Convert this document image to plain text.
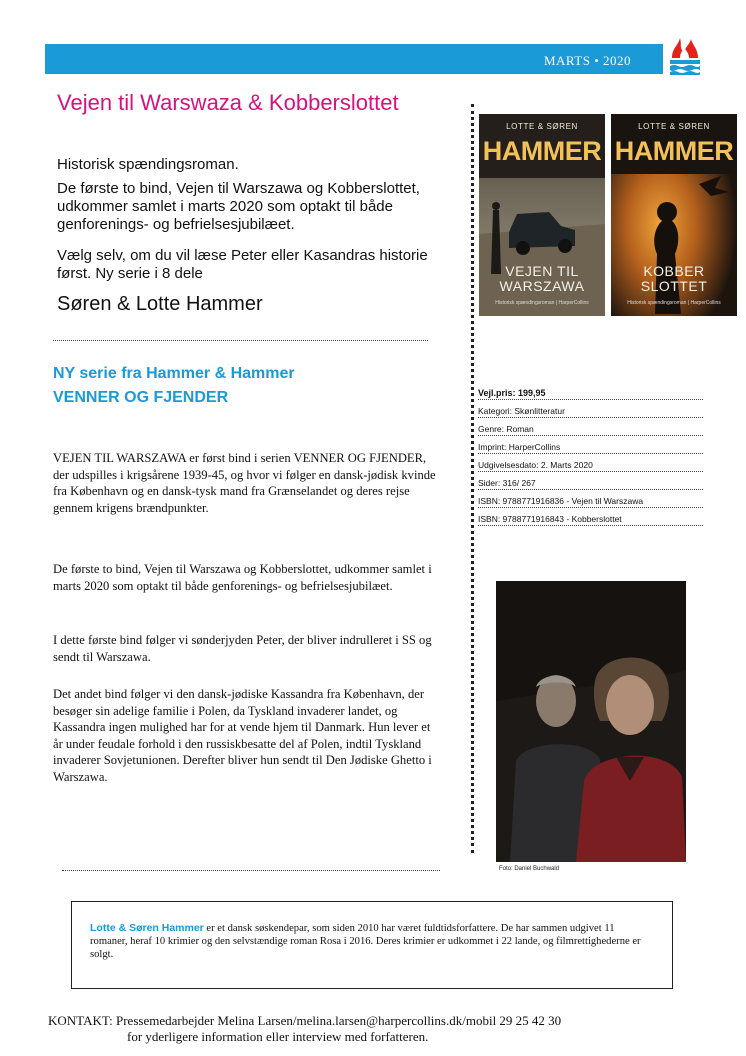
MARTS • 2020
Vejen til Warswaza & Kobberslottet
Historisk spændingsroman.
De første to bind, Vejen til Warszawa og Kobberslottet, udkommer samlet i marts 2020 som optakt til både genforenings- og befrielsesjubilæet.
Vælg selv, om du vil læse Peter eller Kasandras historie først. Ny serie i 8 dele
Søren & Lotte Hammer
NY serie fra Hammer & Hammer
VENNER OG FJENDER
VEJEN TIL WARSZAWA er først bind i serien VENNER OG FJENDER, der udspilles i krigsårene 1939-45, og hvor vi følger en dansk-jødisk kvinde fra København og en dansk-tysk mand fra Grænselandet og deres rejse gennem krigens brændpunkter.
De første to bind, Vejen til Warszawa og Kobberslottet, udkommer samlet i marts 2020 som optakt til både genforenings- og befrielsesjubilæet.
I dette første bind følger vi sønderjyden Peter, der bliver indrulleret i SS og sendt til Warszawa.
Det andet bind følger vi den dansk-jødiske Kassandra fra København, der besøger sin adelige familie i Polen, da Tyskland invaderer landet, og Kassandra ingen mulighed har for at vende hjem til Danmark. Hun lever et år under feudale forhold i den russiskbesatte del af Polen, indtil Tyskland invaderer Sovjetunionen. Derefter bliver hun sendt til Den Jødiske Ghetto i Warszawa.
LOTTE & SØREN
HAMMER
VEJEN TIL
WARSZAWA
Historisk spændingsroman | HarperCollins
LOTTE & SØREN
HAMMER
KOBBER
SLOTTET
Historisk spændingsroman | HarperCollins
Vejl.pris: 199,95
Kategori: Skønlitteratur
Genre: Roman
Imprint: HarperCollins
Udgivelsesdato: 2. Marts 2020
Sider: 316/ 267
ISBN: 9788771916836 - Vejen til Warszawa
ISBN: 9788771916843 - Kobberslottet
Foto: Daniel Buchwald
Lotte & Søren Hammer er et dansk søskendepar, som siden 2010 har været fuldtidsforfattere. De har sammen udgivet 11 romaner, heraf 10 krimier og den selvstændige roman Rosa i 2016. Deres krimier er udkommet i 22 lande, og filmrettighederne er solgt.
KONTAKT: Pressemedarbejder Melina Larsen/melina.larsen@harpercollins.dk/mobil 29 25 42 30
for yderligere information eller interview med forfatteren.
